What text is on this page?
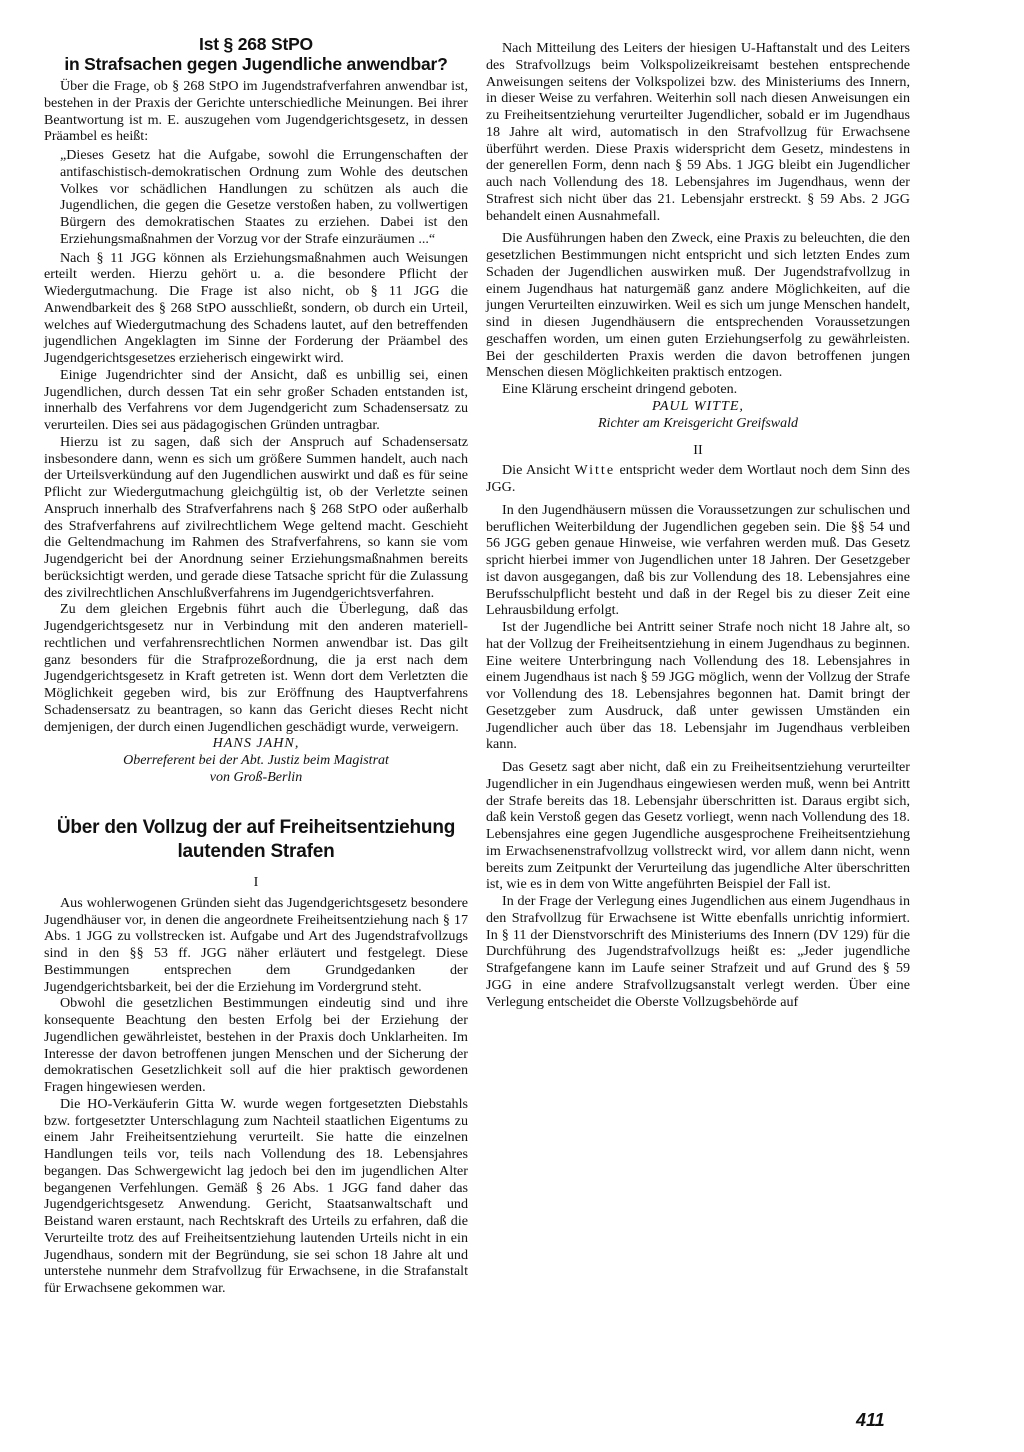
Ist § 268 StPO
in Strafsachen gegen Jugendliche anwendbar?

Über die Frage, ob § 268 StPO im Jugendstrafverfahren anwendbar ist, bestehen in der Praxis der Gerichte unterschiedliche Meinungen. Bei ihrer Beantwortung ist m. E. auszugehen vom Jugendgerichtsgesetz, in dessen Präambel es heißt:

„Dieses Gesetz hat die Aufgabe, sowohl die Errungenschaften der antifaschistisch-demokratischen Ordnung zum Wohle des deutschen Volkes vor schädlichen Handlungen zu schützen als auch die Jugendlichen, die gegen die Gesetze verstoßen haben, zu vollwertigen Bürgern des demokratischen Staates zu erziehen. Dabei ist den Erziehungsmaßnahmen der Vorzug vor der Strafe einzuräumen ...“

Nach § 11 JGG können als Erziehungsmaßnahmen auch Weisungen erteilt werden. Hierzu gehört u. a. die besondere Pflicht der Wiedergutmachung. Die Frage ist also nicht, ob § 11 JGG die Anwendbarkeit des § 268 StPO ausschließt, sondern, ob durch ein Urteil, welches auf Wiedergutmachung des Schadens lautet, auf den betreffenden jugendlichen Angeklagten im Sinne der Forderung der Präambel des Jugendgerichtsgesetzes erzieherisch eingewirkt wird.

Einige Jugendrichter sind der Ansicht, daß es unbillig sei, einen Jugendlichen, durch dessen Tat ein sehr großer Schaden entstanden ist, innerhalb des Verfahrens vor dem Jugendgericht zum Schadensersatz zu verurteilen. Dies sei aus pädagogischen Gründen untragbar.

Hierzu ist zu sagen, daß sich der Anspruch auf Schadensersatz insbesondere dann, wenn es sich um größere Summen handelt, auch nach der Urteilsverkündung auf den Jugendlichen auswirkt und daß es für seine Pflicht zur Wiedergutmachung gleichgültig ist, ob der Verletzte seinen Anspruch innerhalb des Strafverfahrens nach § 268 StPO oder außerhalb des Strafverfahrens auf zivilrechtlichem Wege geltend macht. Geschieht die Geltendmachung im Rahmen des Strafverfahrens, so kann sie vom Jugendgericht bei der Anordnung seiner Erziehungsmaßnahmen bereits berücksichtigt werden, und gerade diese Tatsache spricht für die Zulassung des zivilrechtlichen Anschlußverfahrens im Jugendgerichtsverfahren.

Zu dem gleichen Ergebnis führt auch die Überlegung, daß das Jugendgerichtsgesetz nur in Verbindung mit den anderen materiell-rechtlichen und verfahrensrechtlichen Normen anwendbar ist. Das gilt ganz besonders für die Strafprozeßordnung, die ja erst nach dem Jugendgerichtsgesetz in Kraft getreten ist. Wenn dort dem Verletzten die Möglichkeit gegeben wird, bis zur Eröffnung des Hauptverfahrens Schadensersatz zu beantragen, so kann das Gericht dieses Recht nicht demjenigen, der durch einen Jugendlichen geschädigt wurde, verweigern.

HANS JAHN,
Oberreferent bei der Abt. Justiz beim Magistrat
von Groß-Berlin
Über den Vollzug der auf Freiheitsentziehung
lautenden Strafen
I

Aus wohlerwogenen Gründen sieht das Jugendgerichtsgesetz besondere Jugendhäuser vor, in denen die angeordnete Freiheitsentziehung nach § 17 Abs. 1 JGG zu vollstrecken ist. Aufgabe und Art des Jugendstrafvollzugs sind in den §§ 53 ff. JGG näher erläutert und festgelegt. Diese Bestimmungen entsprechen dem Grundgedanken der Jugendgerichtsbarkeit, bei der die Erziehung im Vordergrund steht.

Obwohl die gesetzlichen Bestimmungen eindeutig sind und ihre konsequente Beachtung den besten Erfolg bei der Erziehung der Jugendlichen gewährleistet, bestehen in der Praxis doch Unklarheiten. Im Interesse der davon betroffenen jungen Menschen und der Sicherung der demokratischen Gesetzlichkeit soll auf die hier praktisch gewordenen Fragen hingewiesen werden.

Die HO-Verkäuferin Gitta W. wurde wegen fortgesetzten Diebstahls bzw. fortgesetzter Unterschlagung zum Nachteil staatlichen Eigentums zu einem Jahr Freiheitsentziehung verurteilt. Sie hatte die einzelnen Handlungen teils vor, teils nach Vollendung des 18. Lebensjahres begangen. Das Schwergewicht lag jedoch bei den im jugendlichen Alter begangenen Verfehlungen. Gemäß § 26 Abs. 1 JGG fand daher das Jugendgerichtsgesetz Anwendung. Gericht, Staatsanwaltschaft und Beistand waren erstaunt, nach Rechtskraft des Urteils zu erfahren, daß die Verurteilte trotz des auf Freiheitsentziehung lautenden Urteils nicht in ein Jugendhaus, sondern mit der Begründung, sie sei schon 18 Jahre alt und unterstehe nunmehr dem Strafvollzug für Erwachsene, in die Strafanstalt für Erwachsene gekommen war.

Nach Mitteilung des Leiters der hiesigen U-Haftanstalt und des Leiters des Strafvollzugs beim Volkspolizeikreisamt bestehen entsprechende Anweisungen seitens der Volkspolizei bzw. des Ministeriums des Innern, in dieser Weise zu verfahren. Weiterhin soll nach diesen Anweisungen ein zu Freiheitsentziehung verurteilter Jugendlicher, sobald er im Jugendhaus 18 Jahre alt wird, automatisch in den Strafvollzug für Erwachsene überführt werden. Diese Praxis widerspricht dem Gesetz, mindestens in der generellen Form, denn nach § 59 Abs. 1 JGG bleibt ein Jugendlicher auch nach Vollendung des 18. Lebensjahres im Jugendhaus, wenn der Strafrest sich nicht über das 21. Lebensjahr erstreckt. § 59 Abs. 2 JGG behandelt einen Ausnahmefall.

Die Ausführungen haben den Zweck, eine Praxis zu beleuchten, die den gesetzlichen Bestimmungen nicht entspricht und sich letzten Endes zum Schaden der Jugendlichen auswirken muß. Der Jugendstrafvollzug in einem Jugendhaus hat naturgemäß ganz andere Möglichkeiten, auf die jungen Verurteilten einzuwirken. Weil es sich um junge Menschen handelt, sind in diesen Jugendhäusern die entsprechenden Voraussetzungen geschaffen worden, um einen guten Erziehungserfolg zu gewährleisten. Bei der geschilderten Praxis werden die davon betroffenen jungen Menschen diesen Möglichkeiten praktisch entzogen.

Eine Klärung erscheint dringend geboten.

PAUL WITTE,
Richter am Kreisgericht Greifswald
II

Die Ansicht Witte entspricht weder dem Wortlaut noch dem Sinn des JGG.

In den Jugendhäusern müssen die Voraussetzungen zur schulischen und beruflichen Weiterbildung der Jugendlichen gegeben sein. Die §§ 54 und 56 JGG geben genaue Hinweise, wie verfahren werden muß. Das Gesetz spricht hierbei immer von Jugendlichen unter 18 Jahren. Der Gesetzgeber ist davon ausgegangen, daß bis zur Vollendung des 18. Lebensjahres eine Berufsschulpflicht besteht und daß in der Regel bis zu dieser Zeit eine Lehrausbildung erfolgt.

Ist der Jugendliche bei Antritt seiner Strafe noch nicht 18 Jahre alt, so hat der Vollzug der Freiheitsentziehung in einem Jugendhaus zu beginnen. Eine weitere Unterbringung nach Vollendung des 18. Lebensjahres in einem Jugendhaus ist nach § 59 JGG möglich, wenn der Vollzug der Strafe vor Vollendung des 18. Lebensjahres begonnen hat. Damit bringt der Gesetzgeber zum Ausdruck, daß unter gewissen Umständen ein Jugendlicher auch über das 18. Lebensjahr im Jugendhaus verbleiben kann.

Das Gesetz sagt aber nicht, daß ein zu Freiheitsentziehung verurteilter Jugendlicher in ein Jugendhaus eingewiesen werden muß, wenn bei Antritt der Strafe bereits das 18. Lebensjahr überschritten ist. Daraus ergibt sich, daß kein Verstoß gegen das Gesetz vorliegt, wenn nach Vollendung des 18. Lebensjahres eine gegen Jugendliche ausgesprochene Freiheitsentziehung im Erwachsenenstrafvollzug vollstreckt wird, vor allem dann nicht, wenn bereits zum Zeitpunkt der Verurteilung das jugendliche Alter überschritten ist, wie es in dem von Witte angeführten Beispiel der Fall ist.

In der Frage der Verlegung eines Jugendlichen aus einem Jugendhaus in den Strafvollzug für Erwachsene ist Witte ebenfalls unrichtig informiert. In § 11 der Dienstvorschrift des Ministeriums des Innern (DV 129) für die Durchführung des Jugendstrafvollzugs heißt es: „Jeder jugendliche Strafgefangene kann im Laufe seiner Strafzeit und auf Grund des § 59 JGG in eine andere Strafvollzugsanstalt verlegt werden. Über eine Verlegung entscheidet die Oberste Vollzugsbehörde auf

411
